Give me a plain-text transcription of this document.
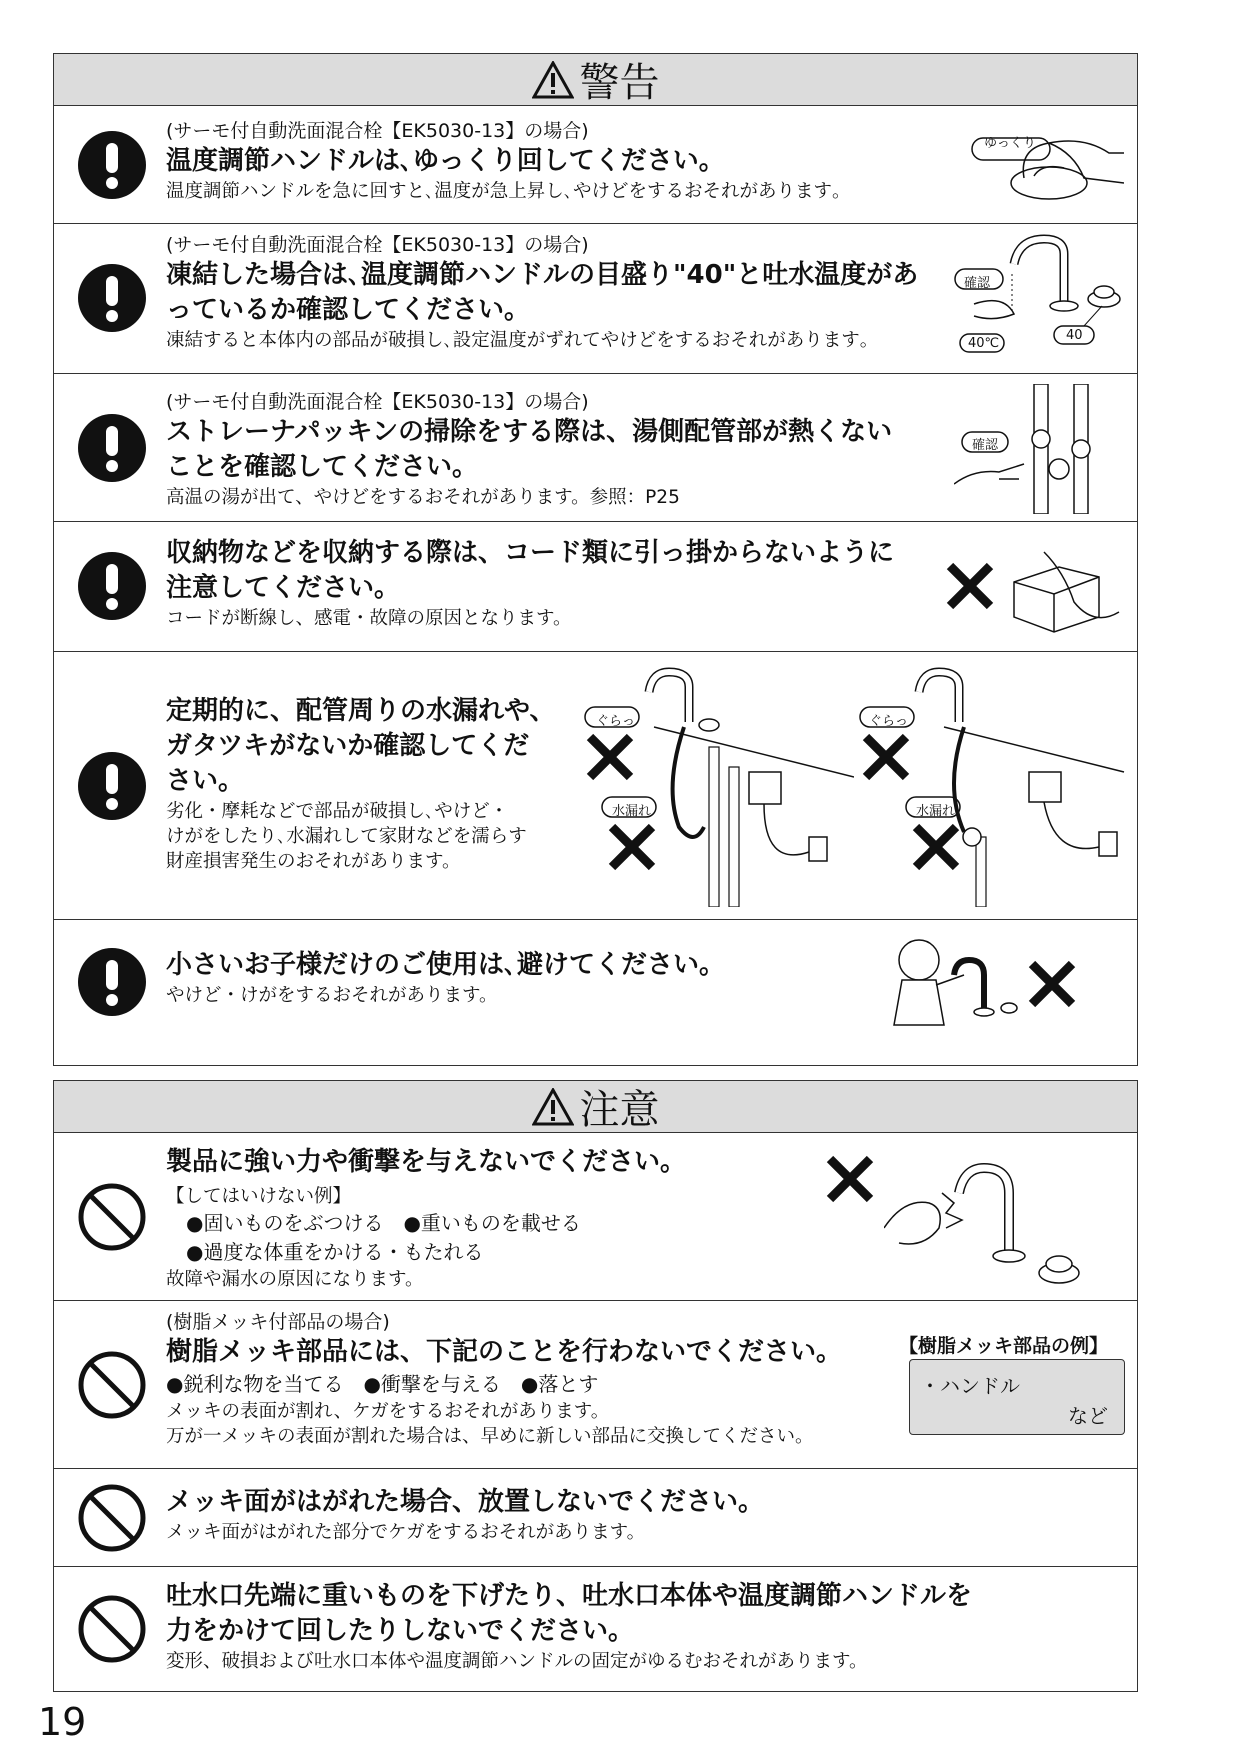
警告
(サーモ付自動洗面混合栓【EK5030-13】の場合)
温度調節ハンドルは､ゆっくり回してください｡
温度調節ハンドルを急に回すと､温度が急上昇し､やけどをするおそれがあります｡
ゆっくり
(サーモ付自動洗面混合栓【EK5030-13】の場合)
凍結した場合は､温度調節ハンドルの目盛り"40"と吐水温度があ
っているか確認してください｡
凍結すると本体内の部品が破損し､設定温度がずれてやけどをするおそれがあります｡
確認
40℃
40
(サーモ付自動洗面混合栓【EK5030-13】の場合)
ストレーナパッキンの掃除をする際は、湯側配管部が熱くない
ことを確認してください。
高温の湯が出て、やけどをするおそれがあります。参照：P25
確認
収納物などを収納する際は、コード類に引っ掛からないように
注意してください。
コードが断線し、感電・故障の原因となります。
定期的に、配管周りの水漏れや、
ガタツキがないか確認してくだ
さい。
劣化・摩耗などで部品が破損し､やけど・
けがをしたり､水漏れして家財などを濡らす
財産損害発生のおそれがあります。
ぐらっ
水漏れ
ぐらっ
水漏れ
小さいお子様だけのご使用は､避けてください｡
やけど・けがをするおそれがあります。
注意
製品に強い力や衝撃を与えないでください。
【してはいけない例】
●固いものをぶつける　●重いものを載せる
●過度な体重をかける・もたれる
故障や漏水の原因になります。
(樹脂メッキ付部品の場合)
樹脂メッキ部品には、下記のことを行わないでください。
●鋭利な物を当てる　●衝撃を与える　●落とす
メッキの表面が割れ、ケガをするおそれがあります。
万が一メッキの表面が割れた場合は、早めに新しい部品に交換してください。
【樹脂メッキ部品の例】
・ハンドル
など
メッキ面がはがれた場合、放置しないでください。
メッキ面がはがれた部分でケガをするおそれがあります。
吐水口先端に重いものを下げたり、吐水口本体や温度調節ハンドルを
力をかけて回したりしないでください。
変形、破損および吐水口本体や温度調節ハンドルの固定がゆるむおそれがあります。
19
